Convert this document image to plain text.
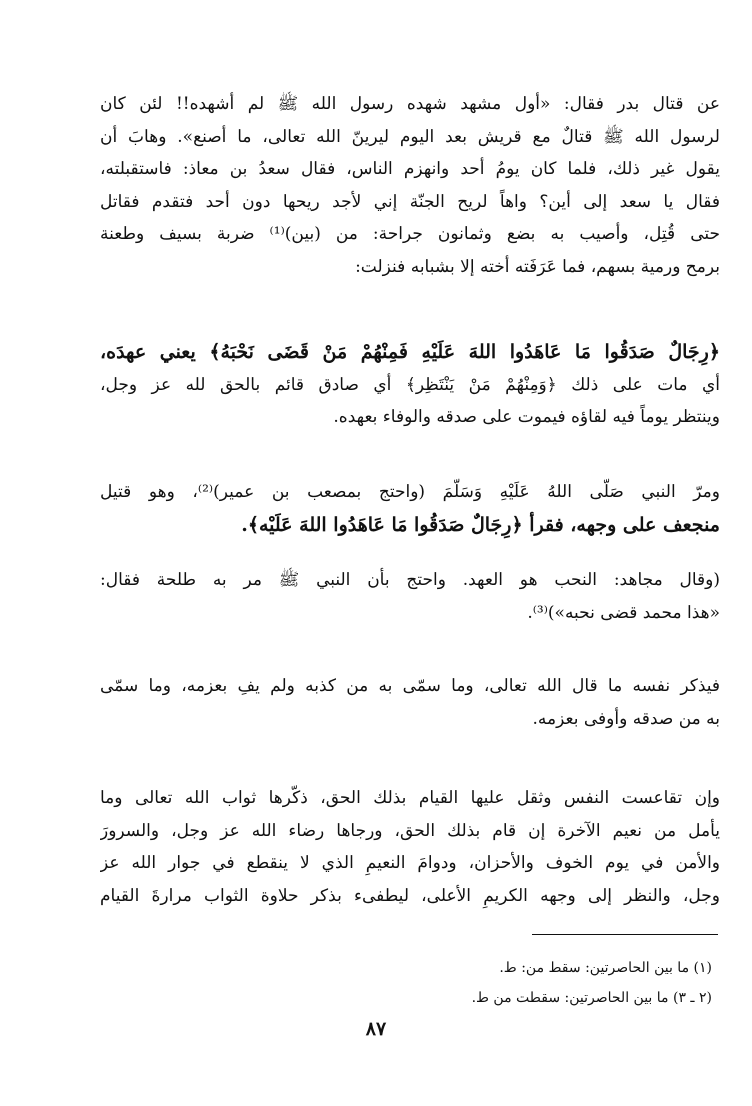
عن قتال بدر فقال: «أول مشهد شهده رسول الله ﷺ لم أشهده!! لئن كان
لرسول الله ﷺ قتالٌ مع قريش بعد اليوم ليرينّ الله تعالى، ما أصنع». وهابَ أن
يقول غير ذلك، فلما كان يومُ أحد وانهزم الناس، فقال سعدُ بن معاذ: فاستقبلته،
فقال يا سعد إلى أين؟ واهاً لريح الجنّة إني لأجد ريحها دون أحد فتقدم فقاتل
حتى قُتِل، وأصيب به بضع وثمانون جراحة: من (بين)⁽¹⁾ ضربة بسيف وطعنة
برمح ورمية بسهم، فما عَرَفَته أخته إلا بشبابه فنزلت:
﴿رِجَالٌ صَدَقُوا مَا عَاهَدُوا اللهَ عَلَيْهِ فَمِنْهُمْ مَنْ قَضَى نَحْبَهُ﴾ يعني عهدَه،
أي مات على ذلك ﴿وَمِنْهُمْ مَنْ يَنْتَظِر﴾ أي صادق قائم بالحق لله عز وجل،
وينتظر يوماً فيه لقاؤه فيموت على صدقه والوفاء بعهده.
ومرّ النبي صَلّى اللهُ عَلَيْهِ وَسَلّمَ (واحتج بمصعب بن عمير)⁽²⁾، وهو قتيل
منجعف على وجهه، فقرأ ﴿رِجَالٌ صَدَقُوا مَا عَاهَدُوا اللهَ عَلَيْه﴾.
(وقال مجاهد: النحب هو العهد. واحتج بأن النبي ﷺ مر به طلحة فقال:
«هذا محمد قضى نحبه»)⁽³⁾.
فيذكر نفسه ما قال الله تعالى، وما سمّى به من كذبه ولم يفِ بعزمه، وما سمّى
به من صدقه وأوفى بعزمه.
وإن تقاعست النفس وثقل عليها القيام بذلك الحق، ذكّرها ثواب الله تعالى وما
يأمل من نعيم الآخرة إن قام بذلك الحق، ورجاها رضاء الله عز وجل، والسرورَ
والأمن في يوم الخوف والأحزان، ودوامَ النعيمِ الذي لا ينقطع في جوار الله عز
وجل، والنظر إلى وجهه الكريمِ الأعلى، ليطفىء بذكر حلاوة الثواب مرارةَ القيام

(١) ما بين الحاصرتين: سقط من: ط.

(٢ ـ ٣) ما بين الحاصرتين: سقطت من ط.

٨٧
